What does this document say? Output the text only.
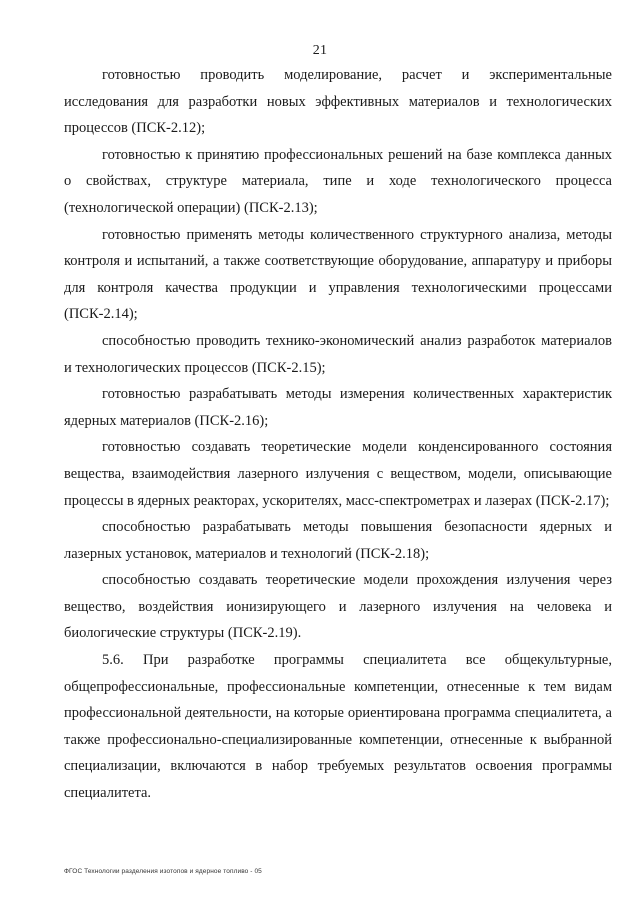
21

готовностью проводить моделирование, расчет и экспериментальные исследования для разработки новых эффективных материалов и технологических процессов (ПСК-2.12);

готовностью к принятию профессиональных решений на базе комплекса данных о свойствах, структуре материала, типе и ходе технологического процесса (технологической операции) (ПСК-2.13);

готовностью применять методы количественного структурного анализа, методы контроля и испытаний, а также соответствующие оборудование, аппаратуру и приборы для контроля качества продукции и управления технологическими процессами (ПСК-2.14);

способностью проводить технико-экономический анализ разработок материалов и технологических процессов (ПСК-2.15);

готовностью разрабатывать методы измерения количественных характеристик ядерных материалов (ПСК-2.16);

готовностью создавать теоретические модели конденсированного состояния вещества, взаимодействия лазерного излучения с веществом, модели, описывающие процессы в ядерных реакторах, ускорителях, масс-спектрометрах и лазерах (ПСК-2.17);

способностью разрабатывать методы повышения безопасности ядерных и лазерных установок, материалов и технологий (ПСК-2.18);

способностью создавать теоретические модели прохождения излучения через вещество, воздействия ионизирующего и лазерного излучения на человека и биологические структуры (ПСК-2.19).

5.6. При разработке программы специалитета все общекультурные, общепрофессиональные, профессиональные компетенции, отнесенные к тем видам профессиональной деятельности, на которые ориентирована программа специалитета, а также профессионально-специализированные компетенции, отнесенные к выбранной специализации, включаются в набор требуемых результатов освоения программы специалитета.

ФГОС Технологии разделения изотопов и ядерное топливо - 05
